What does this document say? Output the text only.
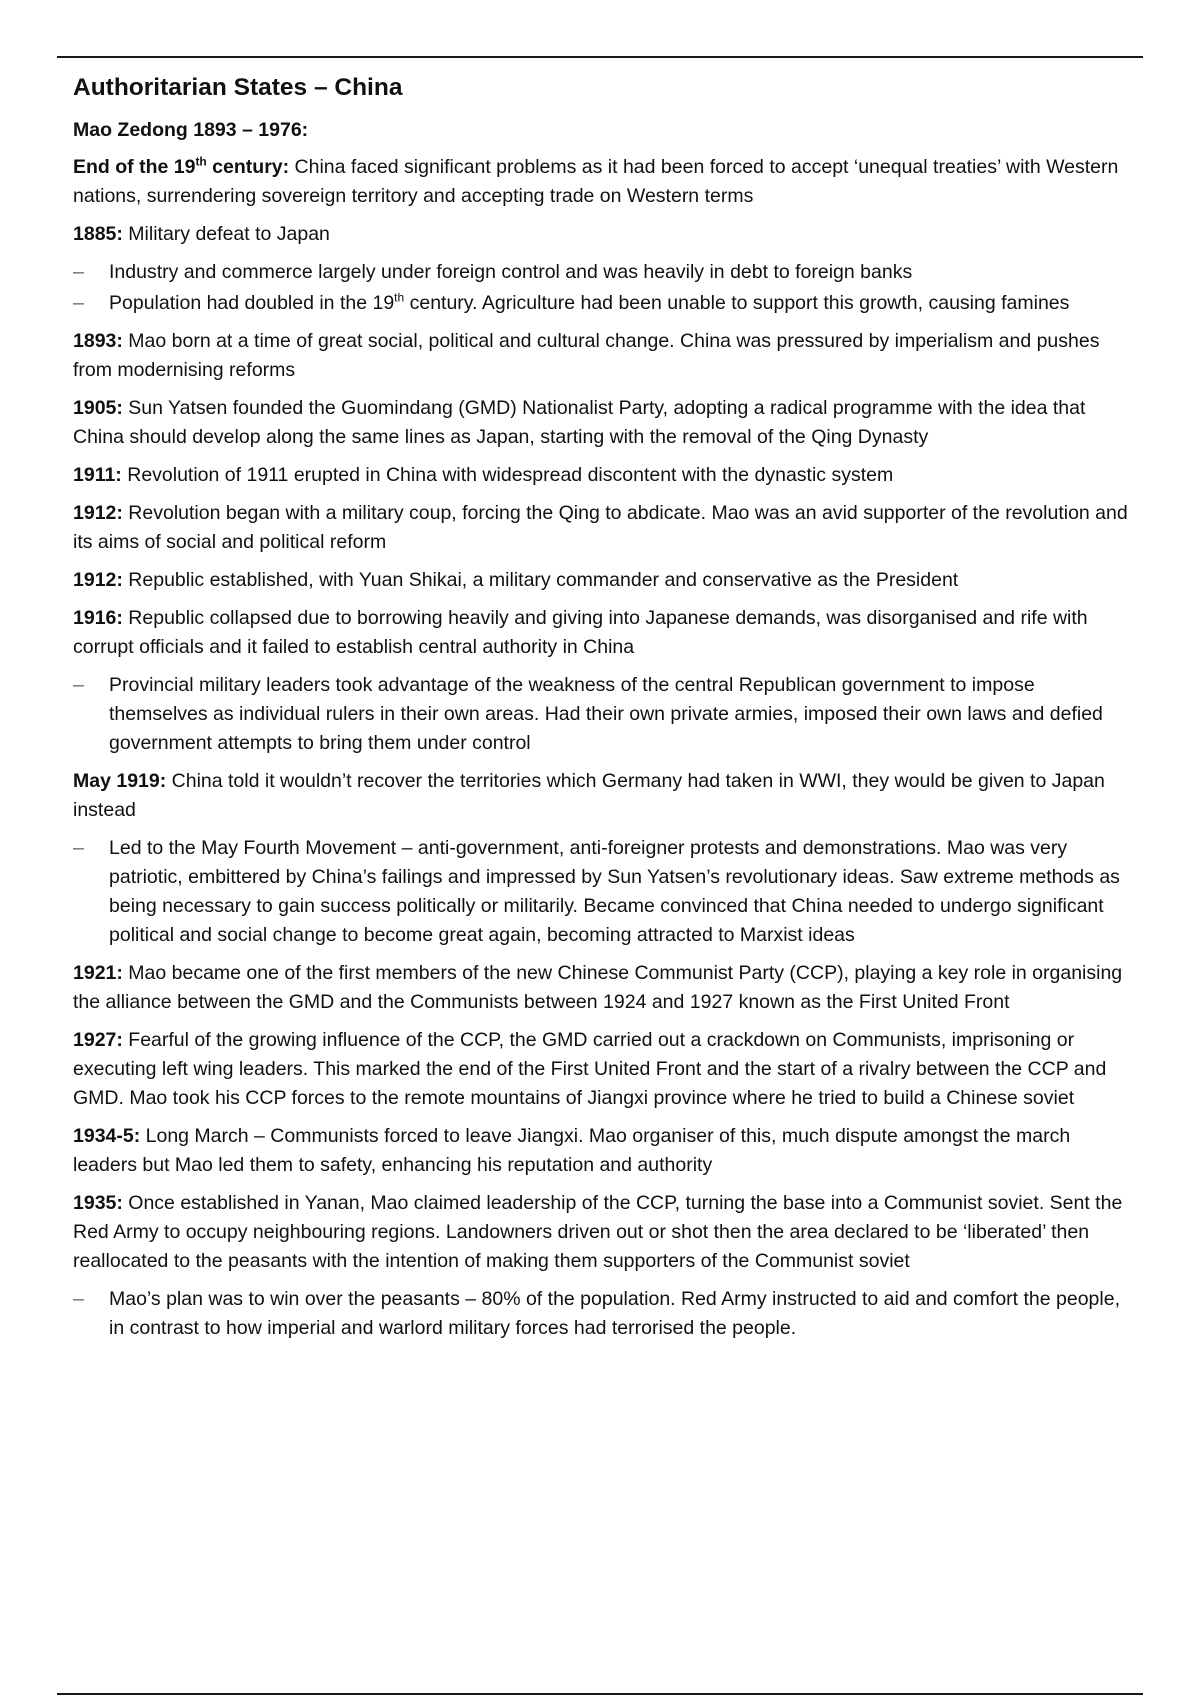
Authoritarian States – China
Mao Zedong 1893 – 1976:

End of the 19th century: China faced significant problems as it had been forced to accept ‘unequal treaties’ with Western nations, surrendering sovereign territory and accepting trade on Western terms

1885: Military defeat to Japan

– Industry and commerce largely under foreign control and was heavily in debt to foreign banks
– Population had doubled in the 19th century. Agriculture had been unable to support this growth, causing famines

1893: Mao born at a time of great social, political and cultural change. China was pressured by imperialism and pushes from modernising reforms

1905: Sun Yatsen founded the Guomindang (GMD) Nationalist Party, adopting a radical programme with the idea that China should develop along the same lines as Japan, starting with the removal of the Qing Dynasty

1911: Revolution of 1911 erupted in China with widespread discontent with the dynastic system

1912: Revolution began with a military coup, forcing the Qing to abdicate. Mao was an avid supporter of the revolution and its aims of social and political reform

1912: Republic established, with Yuan Shikai, a military commander and conservative as the President

1916: Republic collapsed due to borrowing heavily and giving into Japanese demands, was disorganised and rife with corrupt officials and it failed to establish central authority in China

– Provincial military leaders took advantage of the weakness of the central Republican government to impose themselves as individual rulers in their own areas. Had their own private armies, imposed their own laws and defied government attempts to bring them under control

May 1919: China told it wouldn’t recover the territories which Germany had taken in WWI, they would be given to Japan instead

– Led to the May Fourth Movement – anti-government, anti-foreigner protests and demonstrations. Mao was very patriotic, embittered by China’s failings and impressed by Sun Yatsen’s revolutionary ideas. Saw extreme methods as being necessary to gain success politically or militarily. Became convinced that China needed to undergo significant political and social change to become great again, becoming attracted to Marxist ideas

1921: Mao became one of the first members of the new Chinese Communist Party (CCP), playing a key role in organising the alliance between the GMD and the Communists between 1924 and 1927 known as the First United Front

1927: Fearful of the growing influence of the CCP, the GMD carried out a crackdown on Communists, imprisoning or executing left wing leaders. This marked the end of the First United Front and the start of a rivalry between the CCP and GMD. Mao took his CCP forces to the remote mountains of Jiangxi province where he tried to build a Chinese soviet

1934-5: Long March – Communists forced to leave Jiangxi. Mao organiser of this, much dispute amongst the march leaders but Mao led them to safety, enhancing his reputation and authority

1935: Once established in Yanan, Mao claimed leadership of the CCP, turning the base into a Communist soviet. Sent the Red Army to occupy neighbouring regions. Landowners driven out or shot then the area declared to be ‘liberated’ then reallocated to the peasants with the intention of making them supporters of the Communist soviet

– Mao’s plan was to win over the peasants – 80% of the population. Red Army instructed to aid and comfort the people, in contrast to how imperial and warlord military forces had terrorised the people.
